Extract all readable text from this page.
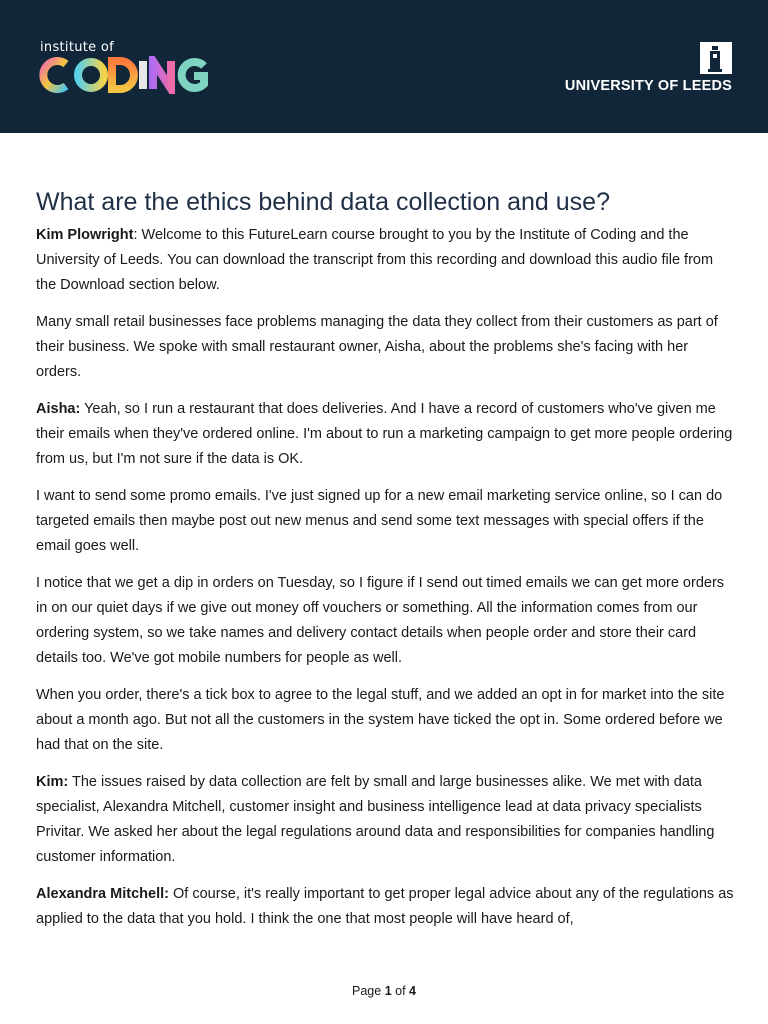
institute of
UNIVERSITY OF LEEDS
What are the ethics behind data collection and use?

Kim Plowright: Welcome to this FutureLearn course brought to you by the Institute of Coding and the University of Leeds. You can download the transcript from this recording and download this audio file from the Download section below.

Many small retail businesses face problems managing the data they collect from their customers as part of their business. We spoke with small restaurant owner, Aisha, about the problems she's facing with her orders.

Aisha: Yeah, so I run a restaurant that does deliveries. And I have a record of customers who've given me their emails when they've ordered online. I'm about to run a marketing campaign to get more people ordering from us, but I'm not sure if the data is OK.

I want to send some promo emails. I've just signed up for a new email marketing service online, so I can do targeted emails then maybe post out new menus and send some text messages with special offers if the email goes well.

I notice that we get a dip in orders on Tuesday, so I figure if I send out timed emails we can get more orders in on our quiet days if we give out money off vouchers or something. All the information comes from our ordering system, so we take names and delivery contact details when people order and store their card details too. We've got mobile numbers for people as well.

When you order, there's a tick box to agree to the legal stuff, and we added an opt in for market into the site about a month ago. But not all the customers in the system have ticked the opt in. Some ordered before we had that on the site.

Kim: The issues raised by data collection are felt by small and large businesses alike. We met with data specialist, Alexandra Mitchell, customer insight and business intelligence lead at data privacy specialists Privitar. We asked her about the legal regulations around data and responsibilities for companies handling customer information.

Alexandra Mitchell: Of course, it's really important to get proper legal advice about any of the regulations as applied to the data that you hold. I think the one that most people will have heard of,

Page 1 of 4
